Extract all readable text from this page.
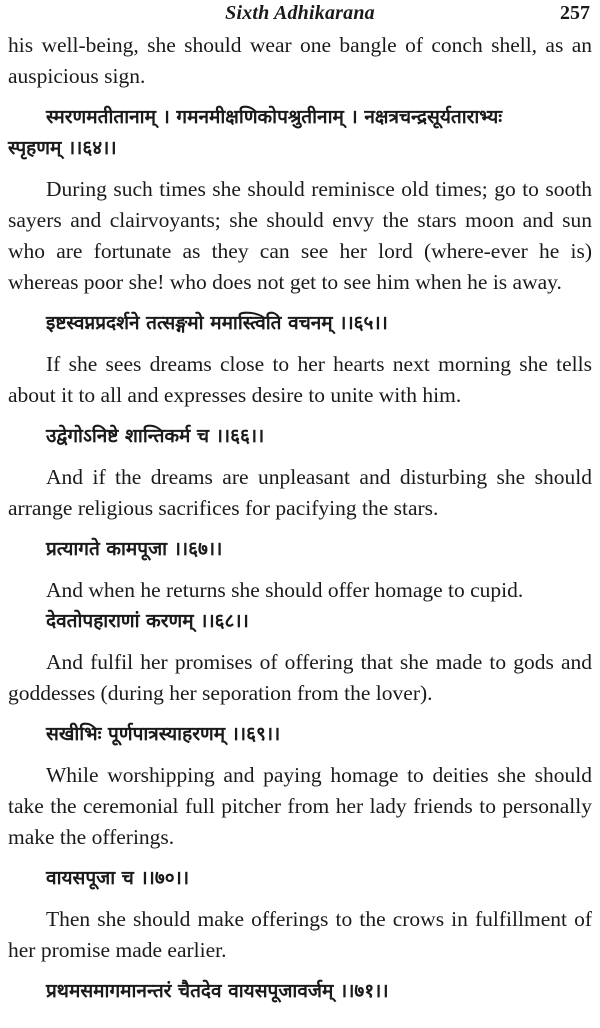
Sixth Adhikarana	257

his well-being, she should wear one bangle of conch shell, as an auspicious sign.

स्मरणमतीतानाम् । गमनमीक्षणिकोपश्रुतीनाम् । नक्षत्रचन्द्रसूर्यताराभ्यः
स्पृहणम् ।।६४।।

During such times she should reminisce old times; go to sooth sayers and clairvoyants; she should envy the stars moon and sun who are fortunate as they can see her lord (where-ever he is) whereas poor she! who does not get to see him when he is away.

इष्टस्वप्नप्रदर्शने तत्सङ्गमो ममास्त्विति वचनम् ।।६५।।

If she sees dreams close to her hearts next morning she tells about it to all and expresses desire to unite with him.

उद्वेगोऽनिष्टे शान्तिकर्म च ।।६६।।

And if the dreams are unpleasant and disturbing she should arrange religious sacrifices for pacifying the stars.

प्रत्यागते कामपूजा ।।६७।।

And when he returns she should offer homage to cupid.

देवतोपहाराणां करणम् ।।६८।।

And fulfil her promises of offering that she made to gods and goddesses (during her seporation from the lover).

सखीभिः पूर्णपात्रस्याहरणम् ।।६९।।

While worshipping and paying homage to deities she should take the ceremonial full pitcher from her lady friends to personally make the offerings.

वायसपूजा च ।।७०।।

Then she should make offerings to the crows in fulfillment of her promise made earlier.

प्रथमसमागमानन्तरं चैतदेव वायसपूजावर्जम् ।।७१।।
